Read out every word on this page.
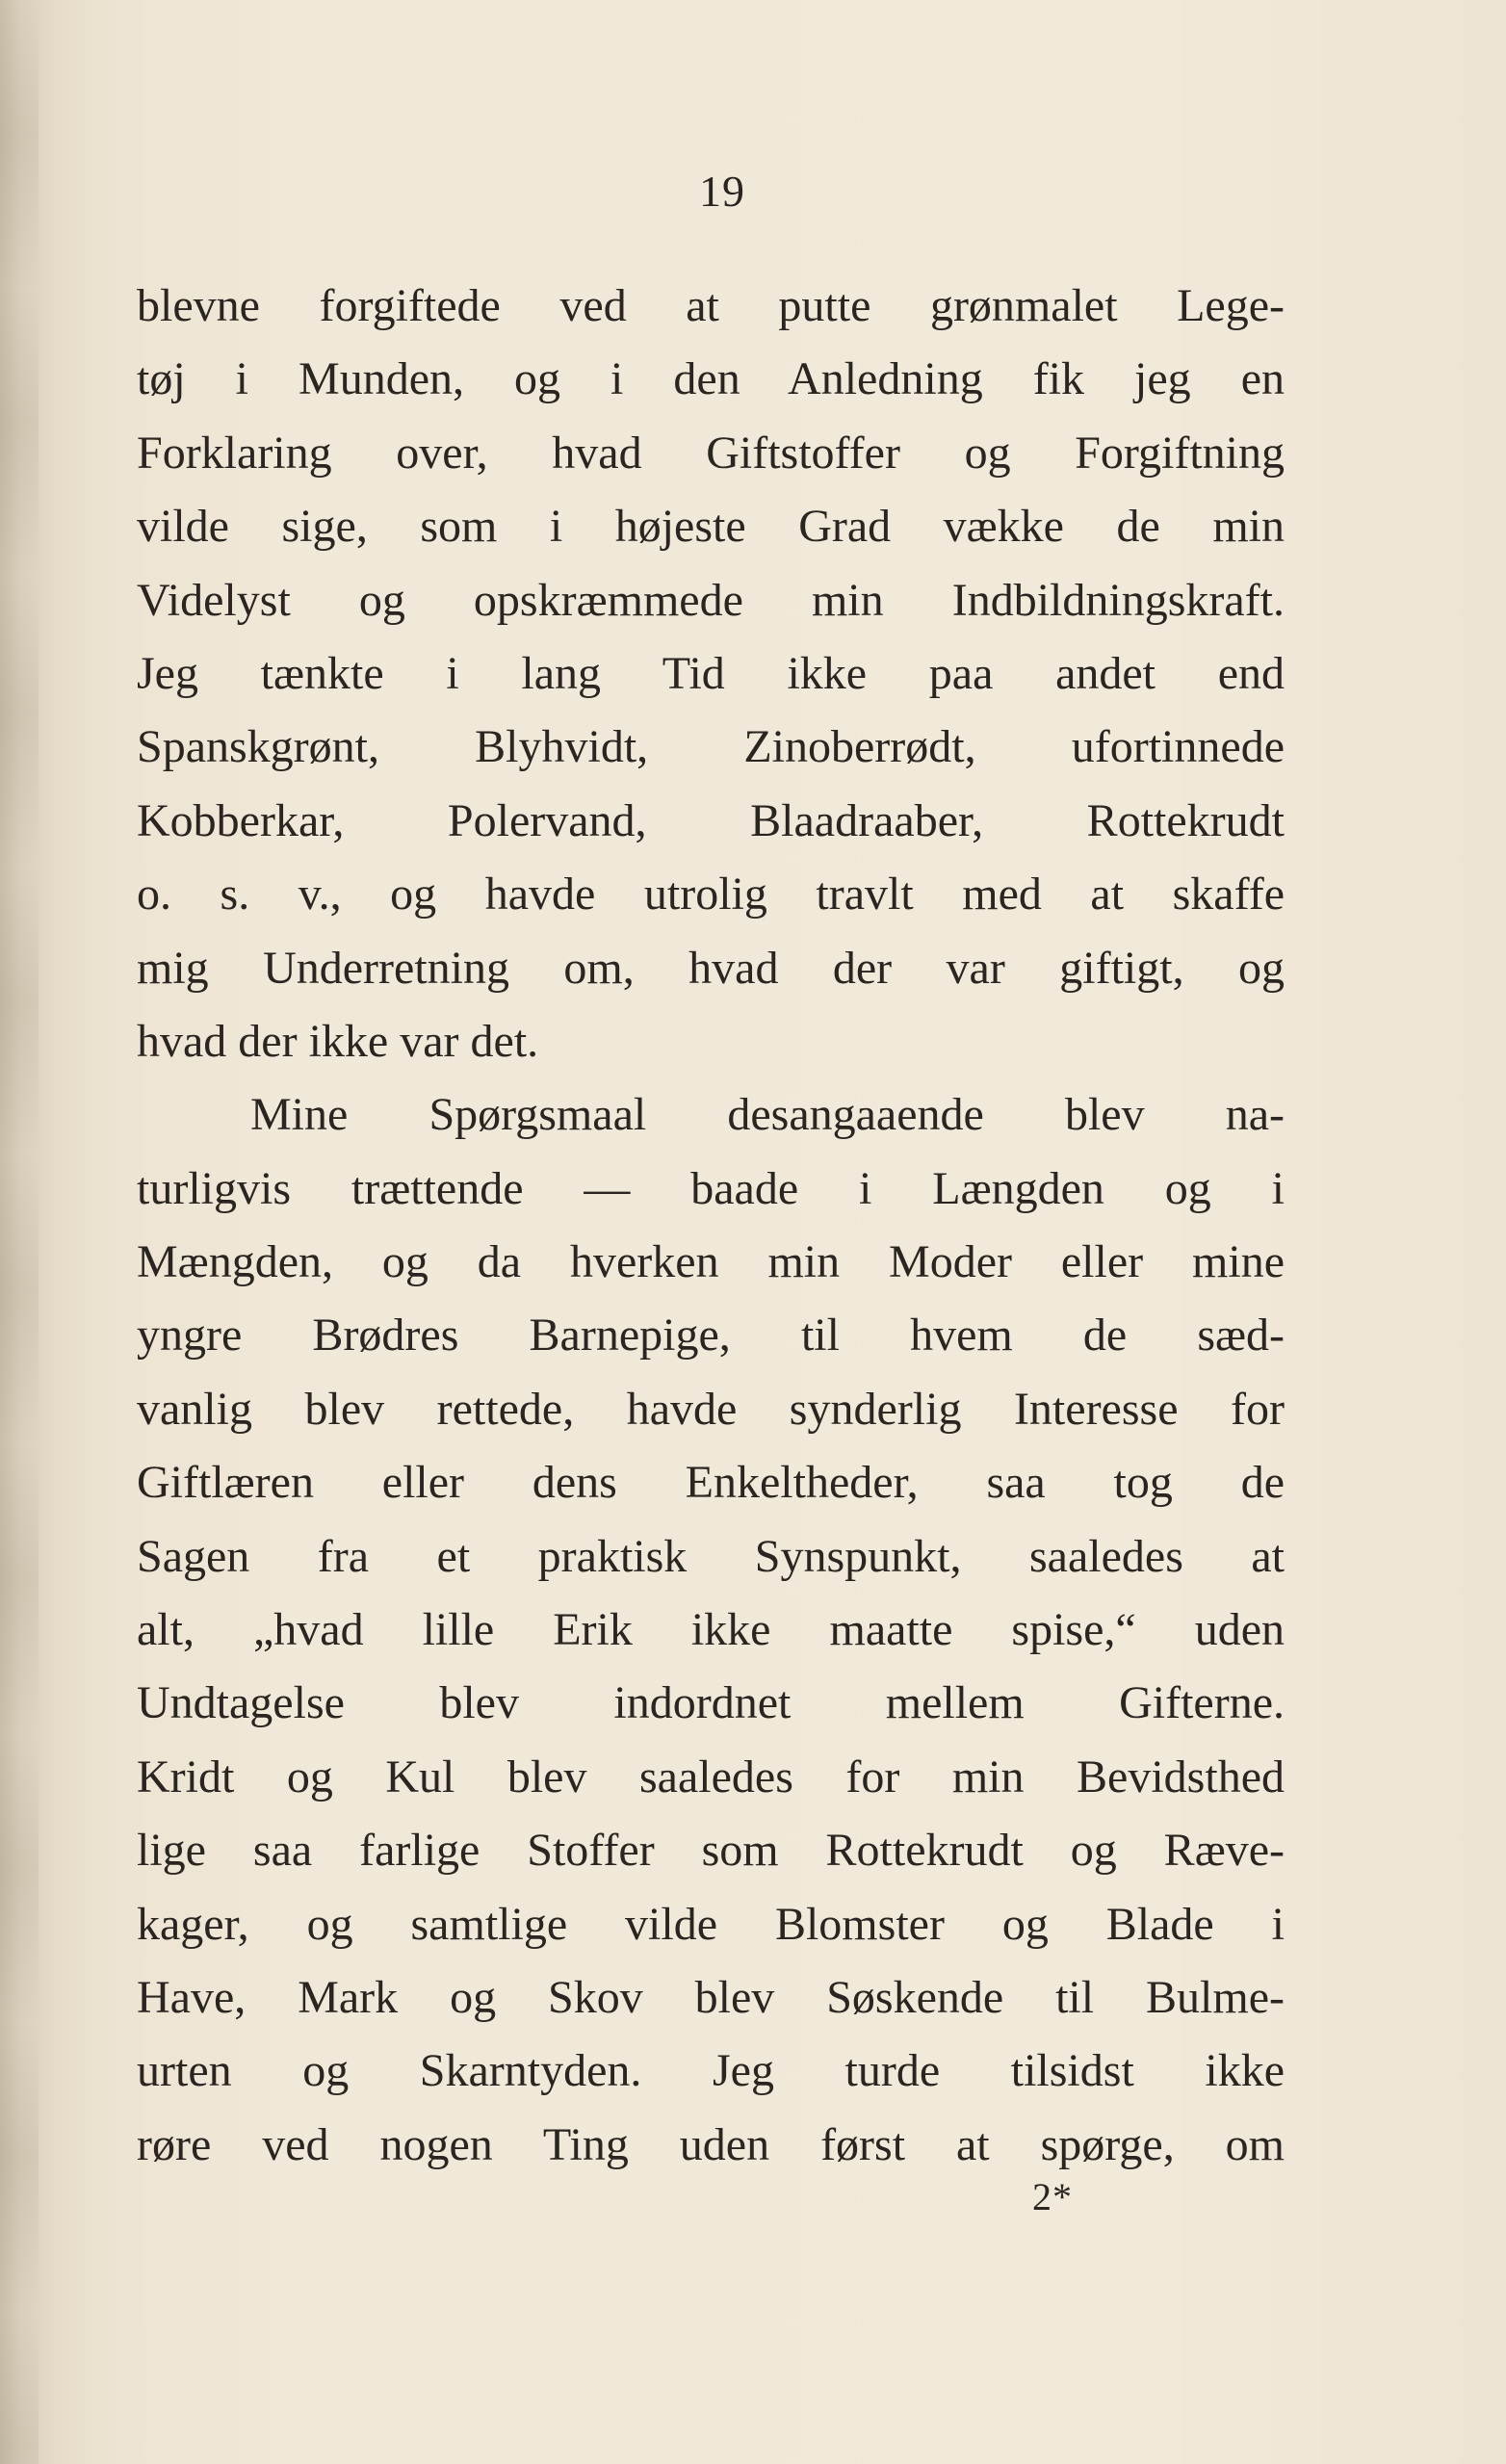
19
blevne forgiftede ved at putte grønmalet Lege-
tøj i Munden, og i den Anledning fik jeg en
Forklaring over, hvad Giftstoffer og Forgiftning
vilde sige, som i højeste Grad vække de min
Videlyst og opskræmmede min Indbildningskraft.
Jeg tænkte i lang Tid ikke paa andet end
Spanskgrønt, Blyhvidt, Zinoberrødt, ufortinnede
Kobberkar, Polervand, Blaadraaber, Rottekrudt
o. s. v., og havde utrolig travlt med at skaffe
mig Underretning om, hvad der var giftigt, og
hvad der ikke var det.
Mine Spørgsmaal desangaaende blev na-
turligvis trættende — baade i Længden og i
Mængden, og da hverken min Moder eller mine
yngre Brødres Barnepige, til hvem de sæd-
vanlig blev rettede, havde synderlig Interesse for
Giftlæren eller dens Enkeltheder, saa tog de
Sagen fra et praktisk Synspunkt, saaledes at
alt, „hvad lille Erik ikke maatte spise,“ uden
Undtagelse blev indordnet mellem Gifterne.
Kridt og Kul blev saaledes for min Bevidsthed
lige saa farlige Stoffer som Rottekrudt og Ræve-
kager, og samtlige vilde Blomster og Blade i
Have, Mark og Skov blev Søskende til Bulme-
urten og Skarntyden. Jeg turde tilsidst ikke
røre ved nogen Ting uden først at spørge, om
2*
